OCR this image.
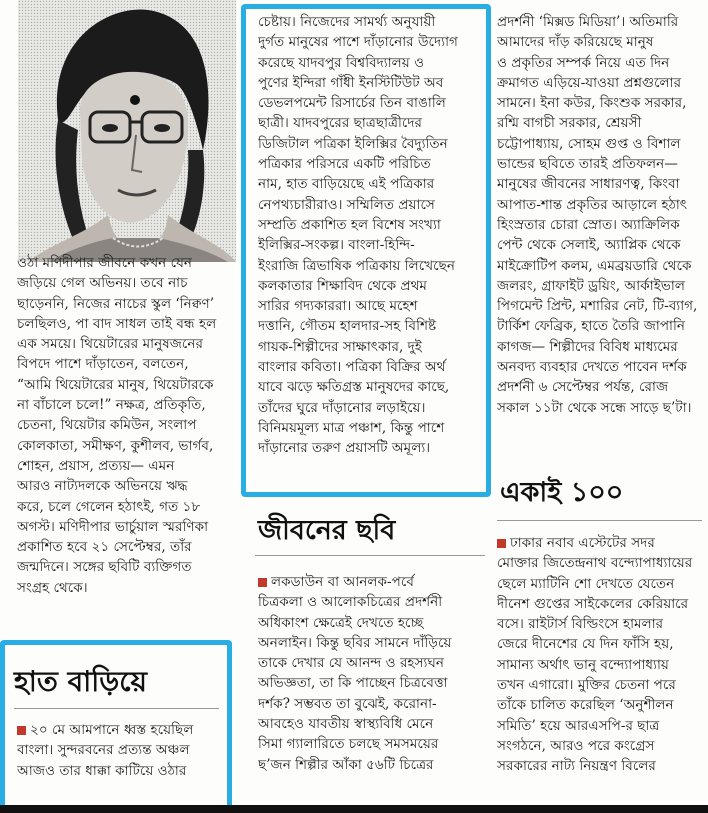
ওঠা মণিদীপার জীবনে কখন যেন
জড়িয়ে গেল অভিনয়। তবে নাচ
ছাড়েননি, নিজের নাচের স্কুল ‘নিক্বণ’
চলছিলও, পা বাদ সাধল তাই বন্ধ হল
এক সময়ে। থিয়েটারের মানুষজনের
বিপদে পাশে দাঁড়াতেন, বলতেন,
“আমি থিয়েটারের মানুষ, থিয়েটারকে
না বাঁচালে চলে!” নক্ষত্র, প্রতিকৃতি,
চেতনা, থিয়েটার কমিউন, সংলাপ
কোলকাতা, সমীক্ষণ, কুশীলব, ভার্গব,
শোহন, প্রয়াস, প্রত্যয়— এমন
আরও নাট্যদলকে অভিনয়ে ঋদ্ধ
করে, চলে গেলেন হঠাৎই, গত ১৮
অগস্ট। মণিদীপার ভার্চুয়াল স্মরণিকা
প্রকাশিত হবে ২১ সেপ্টেম্বর, তাঁর
জন্মদিনে। সঙ্গের ছবিটি ব্যক্তিগত
সংগ্রহ থেকে।
চেষ্টায়। নিজেদের সামর্থ্য অনুযায়ী
দুর্গত মানুষের পাশে দাঁড়ানোর উদ্যোগ
করেছে যাদবপুর বিশ্ববিদ্যালয় ও
পুণের ইন্দিরা গাঁধী ইনস্টিটিউট অব
ডেভলপমেন্ট রিসার্চের তিন বাঙালি
ছাত্রী। যাদবপুরের ছাত্রছাত্রীদের
ডিজিটাল পত্রিকা ইলিক্সির বৈদ্যুতিন
পত্রিকার পরিসরে একটি পরিচিত
নাম, হাত বাড়িয়েছে এই পত্রিকার
নেপথ্যচারীরাও। সম্মিলিত প্রয়াসে
সম্প্রতি প্রকাশিত হল বিশেষ সংখ্যা
ইলিক্সির-সংকল্প। বাংলা-হিন্দি-
ইংরাজি ত্রিভাষিক পত্রিকায় লিখেছেন
কলকাতার শিক্ষাবিদ থেকে প্রথম
সারির গদ্যকাররা। আছে মহেশ
দত্তানি, গৌতম হালদার-সহ বিশিষ্ট
গায়ক-শিল্পীদের সাক্ষাৎকার, দুই
বাংলার কবিতা। পত্রিকা বিক্রির অর্থ
যাবে ঝড়ে ক্ষতিগ্রস্ত মানুষদের কাছে,
তাঁদের ঘুরে দাঁড়ানোর লড়াইয়ে।
বিনিময়মূল্য মাত্র পঞ্চাশ, কিন্তু পাশে
দাঁড়ানোর তরুণ প্রয়াসটি অমূল্য।
প্রদর্শনী ‘মিক্সড মিডিয়া’। অতিমারি
আমাদের দাঁড় করিয়েছে মানুষ
ও প্রকৃতির সম্পর্ক নিয়ে এত দিন
ক্রমাগত এড়িয়ে-যাওয়া প্রশ্নগুলোর
সামনে। ইনা কউর, কিংশুক সরকার,
রশ্মি বাগচী সরকার, শ্রেয়সী
চট্টোপাধ্যায়, সোহম গুপ্ত ও বিশাল
ভান্ডের ছবিতে তারই প্রতিফলন—
মানুষের জীবনের সাধারণত্ব, কিংবা
আপাত-শান্ত প্রকৃতির আড়ালে হঠাৎ
হিংস্রতার চোরা স্রোত। অ্যাক্রিলিক
পেন্ট থেকে সেলাই, অ্যাপ্লিক থেকে
মাইক্রোটিপ কলম, এমব্রয়ডারি থেকে
জলরং, গ্রাফাইট ড্রয়িং, আর্কাইভাল
পিগমেন্ট প্রিন্ট, মশারির নেট, টি-ব্যাগ,
টার্কিশ ফেব্রিক, হাতে তৈরি জাপানি
কাগজ— শিল্পীদের বিবিধ মাধ্যমের
অনবদ্য ব্যবহার দেখতে পাবেন দর্শক
প্রদর্শনী ৬ সেপ্টেম্বর পর্যন্ত, রোজ
সকাল ১১টা থেকে সন্ধে সাড়ে ছ’টা।
একাই ১০০
জীবনের ছবি
লকডাউন বা আনলক-পর্বে
চিত্রকলা ও আলোকচিত্রের প্রদর্শনী
অধিকাংশ ক্ষেত্রেই দেখতে হচ্ছে
অনলাইন। কিন্তু ছবির সামনে দাঁড়িয়ে
তাকে দেখার যে আনন্দ ও রহস্যঘন
অভিজ্ঞতা, তা কি পাচ্ছেন চিত্রবেত্তা
দর্শক? সম্ভবত তা বুঝেই, করোনা-
আবহেও যাবতীয় স্বাস্থ্যবিধি মেনে
সিমা গ্যালারিতে চলছে সমসময়ের
ছ’জন শিল্পীর আঁকা ৫৬টি চিত্রের
ঢাকার নবাব এস্টেটের সদর
মোক্তার জিতেন্দ্রনাথ বন্দ্যোপাধ্যায়ের
ছেলে ম্যাটিনি শো দেখতে যেতেন
দীনেশ গুপ্তের সাইকেলের কেরিয়ারে
বসে। রাইটার্স বিল্ডিংসে হামলার
জেরে দীনেশের যে দিন ফাঁসি হয়,
সামান্য অর্থাৎ ভানু বন্দ্যোপাধ্যায়
তখন এগারো। মুক্তির চেতনা পরে
তাঁকে চালিত করেছিল ‘অনুশীলন
সমিতি’ হয়ে আরএসপি-র ছাত্র
সংগঠনে, আরও পরে কংগ্রেস
সরকারের নাট্য নিয়ন্ত্রণ বিলের
হাত বাড়িয়ে
২০ মে আমপানে ধ্বস্ত হয়েছিল
বাংলা। সুন্দরবনের প্রত্যন্ত অঞ্চল
আজও তার ধাক্কা কাটিয়ে ওঠার
